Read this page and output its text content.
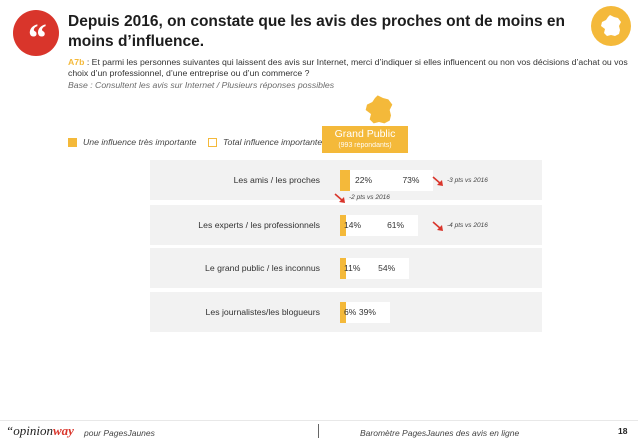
“	Depuis 2016, on constate que les avis des proches ont de moins en moins d’influence.
A7b : Et parmi les personnes suivantes qui laissent des avis sur Internet, merci d’indiquer si elles influencent ou non vos décisions d’achat ou vos choix d’un professionnel, d’une entreprise ou d’un commerce ?
Base : Consultent les avis sur Internet / Plusieurs réponses possibles
Une influence très importante	Total influence importante
Grand Public
(993 répondants)
Les amis / les proches	22%	73%	-3 pts vs 2016
-2 pts vs 2016
Les experts / les professionnels	14%	61%	-4 pts vs 2016
Le grand public / les inconnus	11% 54%
Les journalistes/les blogueurs	6% 39%
“opinionway pour PagesJaunes	Baromètre PagesJaunes des avis en ligne	18
